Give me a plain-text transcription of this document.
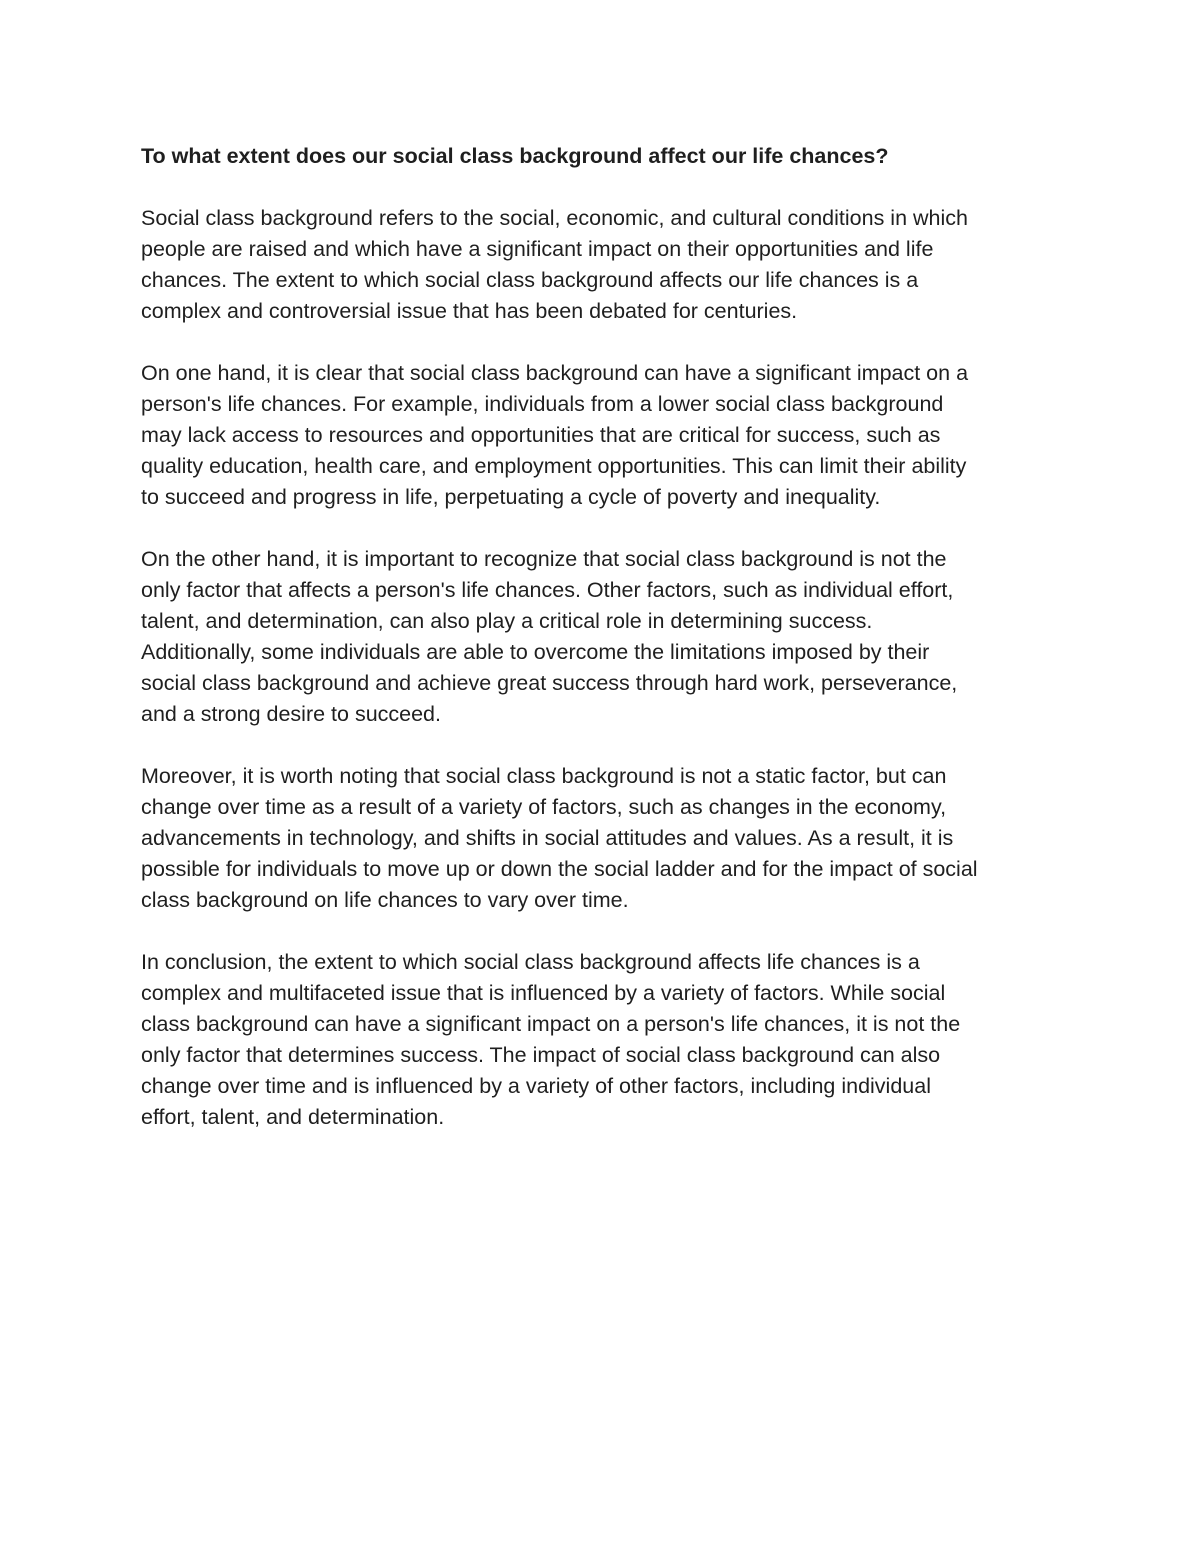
To what extent does our social class background affect our life chances?

Social class background refers to the social, economic, and cultural conditions in which
people are raised and which have a significant impact on their opportunities and life
chances. The extent to which social class background affects our life chances is a
complex and controversial issue that has been debated for centuries.

On one hand, it is clear that social class background can have a significant impact on a
person's life chances. For example, individuals from a lower social class background
may lack access to resources and opportunities that are critical for success, such as
quality education, health care, and employment opportunities. This can limit their ability
to succeed and progress in life, perpetuating a cycle of poverty and inequality.

On the other hand, it is important to recognize that social class background is not the
only factor that affects a person's life chances. Other factors, such as individual effort,
talent, and determination, can also play a critical role in determining success.
Additionally, some individuals are able to overcome the limitations imposed by their
social class background and achieve great success through hard work, perseverance,
and a strong desire to succeed.

Moreover, it is worth noting that social class background is not a static factor, but can
change over time as a result of a variety of factors, such as changes in the economy,
advancements in technology, and shifts in social attitudes and values. As a result, it is
possible for individuals to move up or down the social ladder and for the impact of social
class background on life chances to vary over time.

In conclusion, the extent to which social class background affects life chances is a
complex and multifaceted issue that is influenced by a variety of factors. While social
class background can have a significant impact on a person's life chances, it is not the
only factor that determines success. The impact of social class background can also
change over time and is influenced by a variety of other factors, including individual
effort, talent, and determination.
